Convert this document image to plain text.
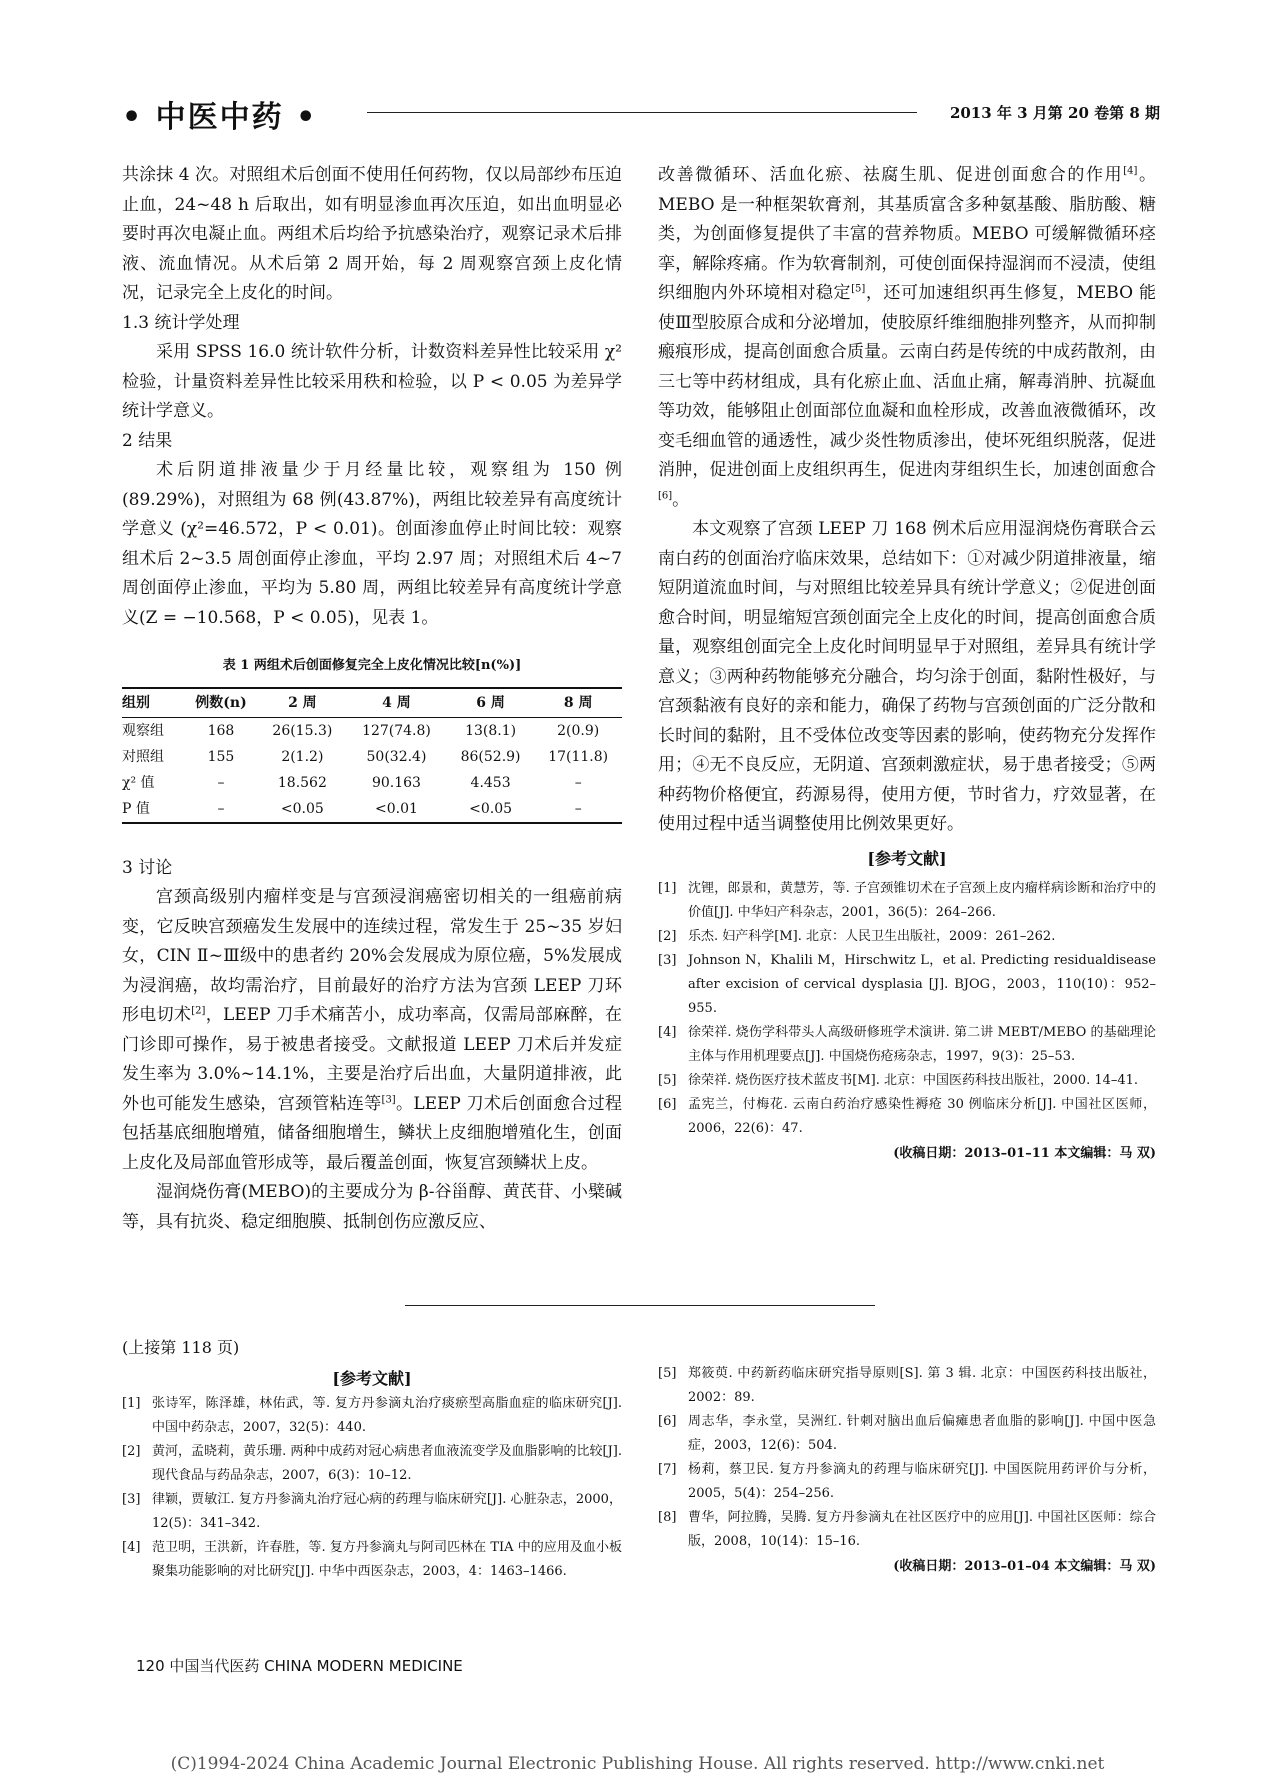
• 中医中药 •	2013 年 3 月第 20 卷第 8 期

共涂抹 4 次。对照组术后创面不使用任何药物，仅以局部纱布压迫止血，24~48 h 后取出，如有明显渗血再次压迫，如出血明显必要时再次电凝止血。两组术后均给予抗感染治疗，观察记录术后排液、流血情况。从术后第 2 周开始，每 2 周观察宫颈上皮化情况，记录完全上皮化的时间。

1.3 统计学处理

采用 SPSS 16.0 统计软件分析，计数资料差异性比较采用 χ² 检验，计量资料差异性比较采用秩和检验，以 P < 0.05 为差异学统计学意义。

2 结果

术后阴道排液量少于月经量比较，观察组为 150 例(89.29%)，对照组为 68 例(43.87%)，两组比较差异有高度统计学意义 (χ²=46.572，P < 0.01)。创面渗血停止时间比较：观察组术后 2~3.5 周创面停止渗血，平均 2.97 周；对照组术后 4~7 周创面停止渗血，平均为 5.80 周，两组比较差异有高度统计学意义(Z = −10.568，P < 0.05)，见表 1。

表 1 两组术后创面修复完全上皮化情况比较[n(%)]
组别	例数(n)	2 周	4 周	6 周	8 周
观察组	168	26(15.3)	127(74.8)	13(8.1)	2(0.9)
对照组	155	2(1.2)	50(32.4)	86(52.9)	17(11.8)
χ² 值	–	18.562	90.163	4.453	–
P 值	–	<0.05	<0.01	<0.05	–

3 讨论

宫颈高级别内瘤样变是与宫颈浸润癌密切相关的一组癌前病变，它反映宫颈癌发生发展中的连续过程，常发生于 25~35 岁妇女，CIN Ⅱ~Ⅲ级中的患者约 20%会发展成为原位癌，5%发展成为浸润癌，故均需治疗，目前最好的治疗方法为宫颈 LEEP 刀环形电切术[2]，LEEP 刀手术痛苦小，成功率高，仅需局部麻醉，在门诊即可操作，易于被患者接受。文献报道 LEEP 刀术后并发症发生率为 3.0%~14.1%，主要是治疗后出血，大量阴道排液，此外也可能发生感染，宫颈管粘连等[3]。LEEP 刀术后创面愈合过程包括基底细胞增殖，储备细胞增生，鳞状上皮细胞增殖化生，创面上皮化及局部血管形成等，最后覆盖创面，恢复宫颈鳞状上皮。

湿润烧伤膏(MEBO)的主要成分为 β-谷甾醇、黄芪苷、小檗碱等，具有抗炎、稳定细胞膜、抵制创伤应激反应、

改善微循环、活血化瘀、祛腐生肌、促进创面愈合的作用[4]。MEBO 是一种框架软膏剂，其基质富含多种氨基酸、脂肪酸、糖类，为创面修复提供了丰富的营养物质。MEBO 可缓解微循环痉挛，解除疼痛。作为软膏制剂，可使创面保持湿润而不浸渍，使组织细胞内外环境相对稳定[5]，还可加速组织再生修复，MEBO 能使Ⅲ型胶原合成和分泌增加，使胶原纤维细胞排列整齐，从而抑制瘢痕形成，提高创面愈合质量。云南白药是传统的中成药散剂，由三七等中药材组成，具有化瘀止血、活血止痛，解毒消肿、抗凝血等功效，能够阻止创面部位血凝和血栓形成，改善血液微循环，改变毛细血管的通透性，减少炎性物质渗出，使坏死组织脱落，促进消肿，促进创面上皮组织再生，促进肉芽组织生长，加速创面愈合[6]。

本文观察了宫颈 LEEP 刀 168 例术后应用湿润烧伤膏联合云南白药的创面治疗临床效果，总结如下：①对减少阴道排液量，缩短阴道流血时间，与对照组比较差异具有统计学意义；②促进创面愈合时间，明显缩短宫颈创面完全上皮化的时间，提高创面愈合质量，观察组创面完全上皮化时间明显早于对照组，差异具有统计学意义；③两种药物能够充分融合，均匀涂于创面，黏附性极好，与宫颈黏液有良好的亲和能力，确保了药物与宫颈创面的广泛分散和长时间的黏附，且不受体位改变等因素的影响，使药物充分发挥作用；④无不良反应，无阴道、宫颈刺激症状，易于患者接受；⑤两种药物价格便宜，药源易得，使用方便，节时省力，疗效显著，在使用过程中适当调整使用比例效果更好。

[参考文献]
[1] 沈锂，郎景和，黄慧芳，等. 子宫颈锥切术在子宫颈上皮内瘤样病诊断和治疗中的价值[J]. 中华妇产科杂志，2001，36(5)：264–266.
[2] 乐杰. 妇产科学[M]. 北京：人民卫生出版社，2009：261–262.
[3] Johnson N，Khalili M，Hirschwitz L，et al. Predicting residualdisease after excision of cervical dysplasia [J]. BJOG，2003，110(10)：952–955.
[4] 徐荣祥. 烧伤学科带头人高级研修班学术演讲. 第二讲 MEBT/MEBO 的基础理论主体与作用机理要点[J]. 中国烧伤疮疡杂志，1997，9(3)：25–53.
[5] 徐荣祥. 烧伤医疗技术蓝皮书[M]. 北京：中国医药科技出版社，2000. 14–41.
[6] 孟宪兰，付梅花. 云南白药治疗感染性褥疮 30 例临床分析[J]. 中国社区医师，2006，22(6)：47.
(收稿日期：2013–01–11 本文编辑：马 双)
(上接第 118 页)
[参考文献]
[1] 张诗军，陈泽雄，林佑武，等. 复方丹参滴丸治疗痰瘀型高脂血症的临床研究[J]. 中国中药杂志，2007，32(5)：440.
[2] 黄河，孟晓莉，黄乐珊. 两种中成药对冠心病患者血液流变学及血脂影响的比较[J]. 现代食品与药品杂志，2007，6(3)：10–12.
[3] 律颖，贾敏江. 复方丹参滴丸治疗冠心病的药理与临床研究[J]. 心脏杂志，2000，12(5)：341–342.
[4] 范卫明，王洪新，许春胜，等. 复方丹参滴丸与阿司匹林在 TIA 中的应用及血小板聚集功能影响的对比研究[J]. 中华中西医杂志，2003，4：1463–1466.
[5] 郑筱萸. 中药新药临床研究指导原则[S]. 第 3 辑. 北京：中国医药科技出版社，2002：89.
[6] 周志华，李永堂，吴洲红. 针刺对脑出血后偏瘫患者血脂的影响[J]. 中国中医急症，2003，12(6)：504.
[7] 杨莉，蔡卫民. 复方丹参滴丸的药理与临床研究[J]. 中国医院用药评价与分析，2005，5(4)：254–256.
[8] 曹华，阿拉腾，吴腾. 复方丹参滴丸在社区医疗中的应用[J]. 中国社区医师：综合版，2008，10(14)：15–16.
(收稿日期：2013–01–04 本文编辑：马 双)
120 中国当代医药 CHINA MODERN MEDICINE
(C)1994-2024 China Academic Journal Electronic Publishing House. All rights reserved. http://www.cnki.net
